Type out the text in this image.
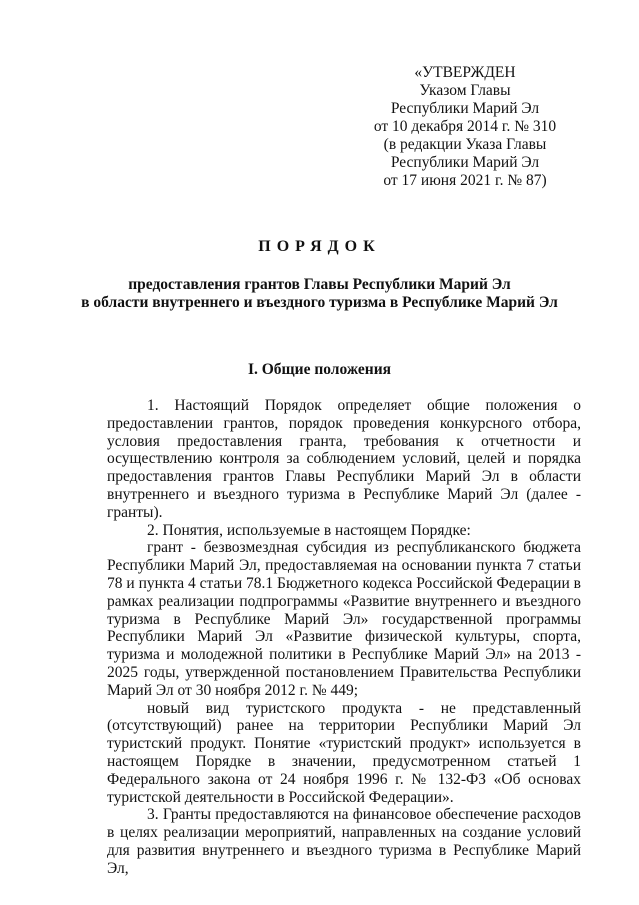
«УТВЕРЖДЕН
Указом Главы
Республики Марий Эл
от 10 декабря 2014 г. № 310
(в редакции Указа Главы
Республики Марий Эл
от 17 июня 2021 г. № 87)
ПОРЯДОК
предоставления грантов Главы Республики Марий Эл
в области внутреннего и въездного туризма в Республике Марий Эл
I. Общие положения

1. Настоящий Порядок определяет общие положения о предоставлении грантов, порядок проведения конкурсного отбора, условия предоставления гранта, требования к отчетности и осуществлению контроля за соблюдением условий, целей и порядка предоставления грантов Главы Республики Марий Эл в области внутреннего и въездного туризма в Республике Марий Эл (далее - гранты).

2. Понятия, используемые в настоящем Порядке:

грант - безвозмездная субсидия из республиканского бюджета Республики Марий Эл, предоставляемая на основании пункта 7 статьи 78 и пункта 4 статьи 78.1 Бюджетного кодекса Российской Федерации в рамках реализации подпрограммы «Развитие внутреннего и въездного туризма в Республике Марий Эл» государственной программы Республики Марий Эл «Развитие физической культуры, спорта, туризма и молодежной политики в Республике Марий Эл» на 2013 - 2025 годы, утвержденной постановлением Правительства Республики Марий Эл от 30 ноября 2012 г. № 449;

новый вид туристского продукта - не представленный (отсутствующий) ранее на территории Республики Марий Эл туристский продукт. Понятие «туристский продукт» используется в настоящем Порядке в значении, предусмотренном статьей 1 Федерального закона от 24 ноября 1996 г. № 132-ФЗ «Об основах туристской деятельности в Российской Федерации».

3. Гранты предоставляются на финансовое обеспечение расходов в целях реализации мероприятий, направленных на создание условий для развития внутреннего и въездного туризма в Республике Марий Эл,
